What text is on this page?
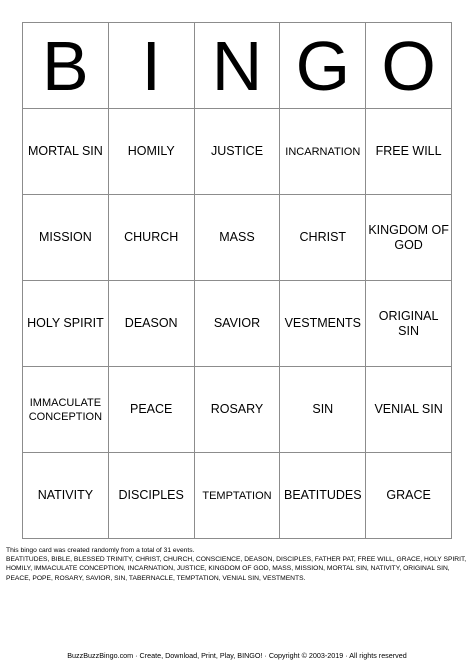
B	I	N	G	O
MORTAL SIN	HOMILY	JUSTICE	INCARNATION	FREE WILL
MISSION	CHURCH	MASS	CHRIST	KINGDOM OF GOD
HOLY SPIRIT	DEASON	SAVIOR	VESTMENTS	ORIGINAL SIN
IMMACULATE CONCEPTION	PEACE	ROSARY	SIN	VENIAL SIN
NATIVITY	DISCIPLES	TEMPTATION	BEATITUDES	GRACE
This bingo card was created randomly from a total of 31 events.
BEATITUDES, BIBLE, BLESSED TRINITY, CHRIST, CHURCH, CONSCIENCE, DEASON, DISCIPLES, FATHER PAT, FREE WILL, GRACE, HOLY SPIRIT, HOMILY, IMMACULATE CONCEPTION, INCARNATION, JUSTICE, KINGDOM OF GOD, MASS, MISSION, MORTAL SIN, NATIVITY, ORIGINAL SIN, PEACE, POPE, ROSARY, SAVIOR, SIN, TABERNACLE, TEMPTATION, VENIAL SIN, VESTMENTS.
BuzzBuzzBingo.com · Create, Download, Print, Play, BINGO! · Copyright © 2003-2019 · All rights reserved
